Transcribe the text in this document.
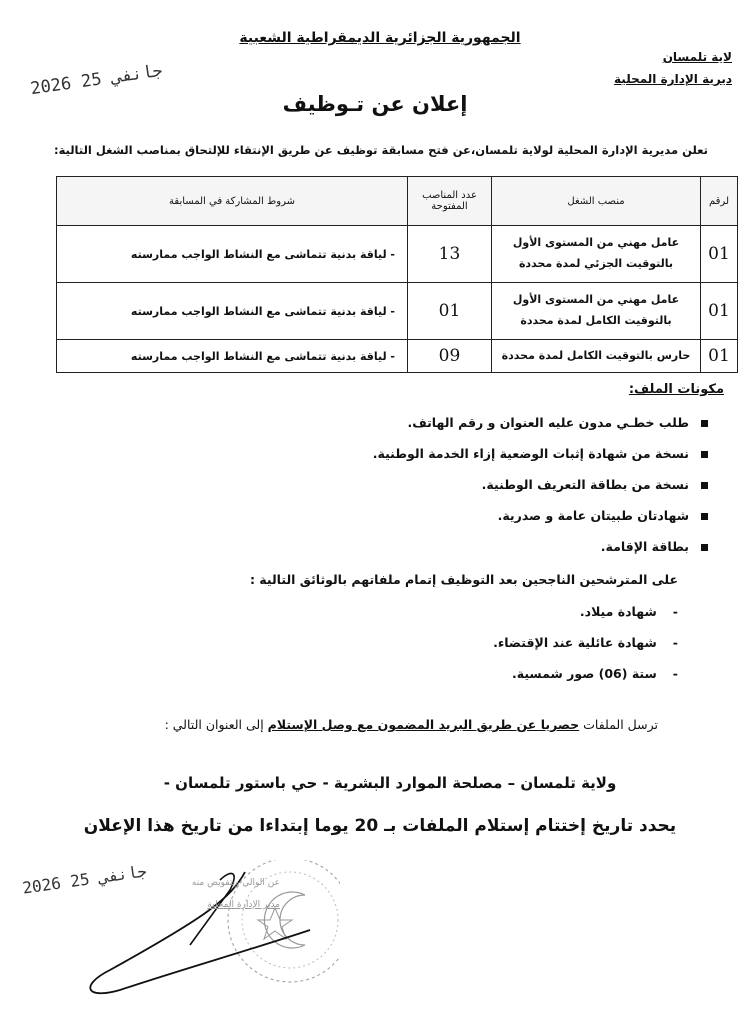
الجمهورية الجزائرية الديمقراطية الشعبية
لاية تلمسان
ديرية الإدارة المحلية
2026 جانفي 25
إعلان عن تـوظيف
تعلن مديرية الإدارة المحلية لولاية تلمسان،عن فتح مسابقة توظيف عن طريق الإنتقاء للإلتحاق بمناصب الشغل التالية:
لرقم	منصب الشغل	عدد المناصب المفتوحة	شروط المشاركة في المسابقة
01	عامل مهني من المستوى الأول بالتوقيت الجزئي لمدة محددة	13	- لياقة بدنية تتماشى مع النشاط الواجب ممارسته
01	عامل مهني من المستوى الأول بالتوقيت الكامل لمدة محددة	01	- لياقة بدنية تتماشى مع النشاط الواجب ممارسته
01	حارس بالتوقيت الكامل لمدة محددة	09	- لياقة بدنية تتماشى مع النشاط الواجب ممارسته
مكونات الملف:
طلب خطـي مدون عليه العنوان و رقم الهاتف.
نسخة من شهادة إثبات الوضعية إزاء الخدمة الوطنية.
نسخة من بطاقة التعريف الوطنية.
شهادتان طبيتان عامة و صدرية.
بطاقة الإقامة.
على المترشحين الناجحين بعد التوظيف إتمام ملفاتهم بالوثائق التالية :
-شهادة ميلاد.
-شهادة عائلية عند الإقتضاء.
-ستة (06) صور شمسية.
ترسل الملفات حصريا عن طريق البريد المضمون مع وصل الإستلام إلى العنوان التالي :
ولاية تلمسان – مصلحة الموارد البشرية - حي باستور تلمسان -
يحدد تاريخ إختتام إستلام الملفات بـ 20 يوما إبتداءا من تاريخ هذا الإعلان
2026 جانفي 25	عن الوالي وبتفويض منه
مدير الإدارة المحلية
